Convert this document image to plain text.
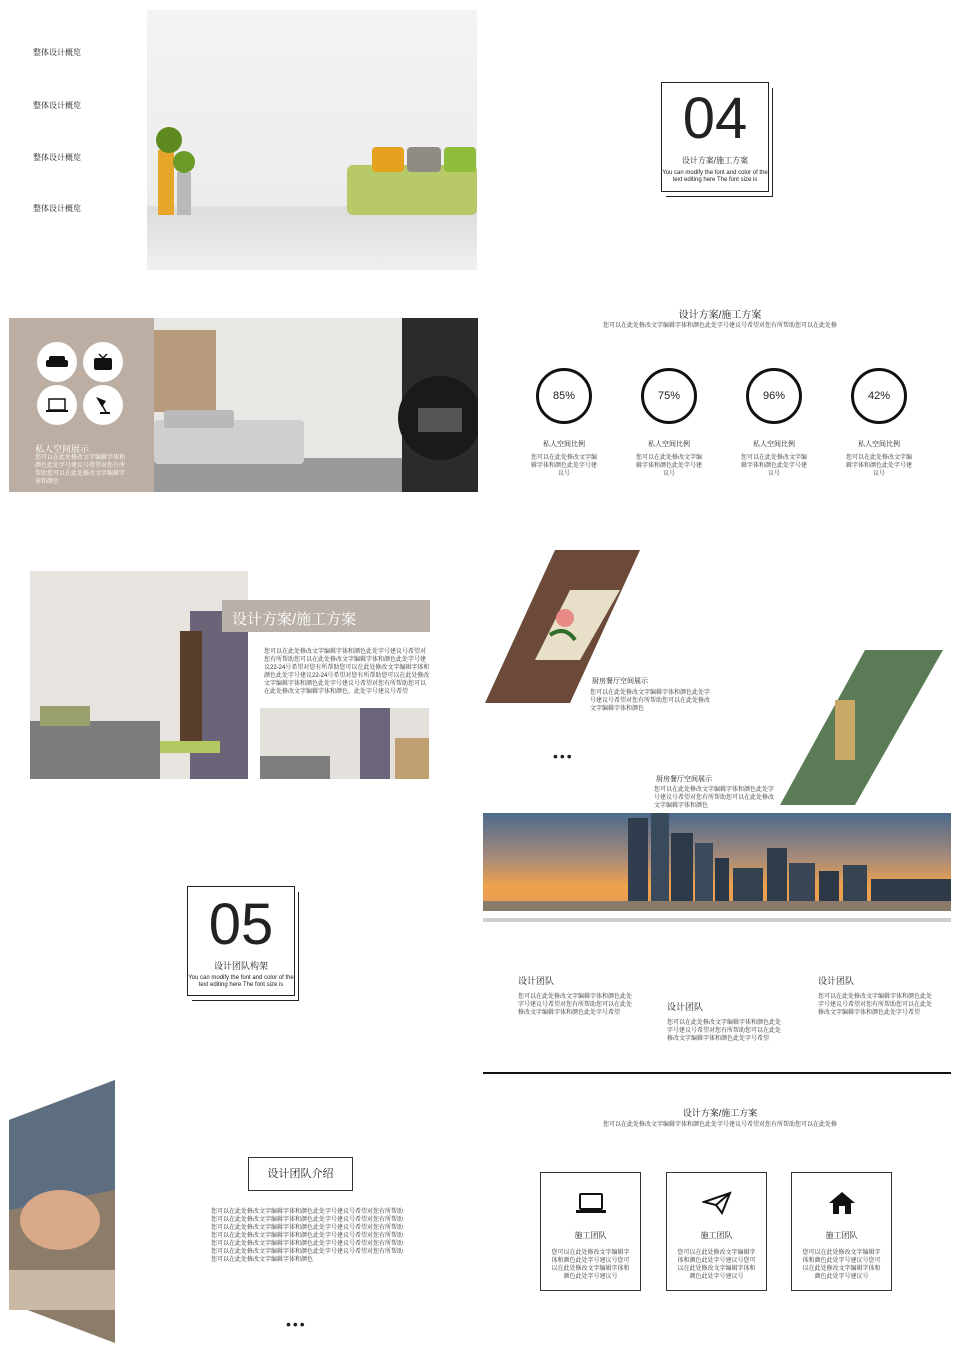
整体设计概览
整体设计概览
整体设计概览
整体设计概览
04
设计方案/施工方案
You can modify the font and color of the text editing here The font size is
私人空间展示
您可以在此处修改文字编辑字体和颜色此处字号建议号希望对您有所帮助您可以在此处修改文字编辑字体和颜色
设计方案/施工方案
您可以在此处修改文字编辑字体和颜色此处字号建议号希望对您有所帮助您可以在此处修
85%
私人空间比例
您可以在此处修改文字编辑字体和颜色此处字号建议号
75%
私人空间比例
您可以在此处修改文字编辑字体和颜色此处字号建议号
96%
私人空间比例
您可以在此处修改文字编辑字体和颜色此处字号建议号
42%
私人空间比例
您可以在此处修改文字编辑字体和颜色此处字号建议号
设计方案/施工方案
您可以在此处修改文字编辑字体和颜色此处字号建议号希望对您有所帮助您可以在此处修改文字编辑字体和颜色此处字号建议22-24号希望对您有所帮助您可以在此处修改文字编辑字体和颜色此处字号建议22-24号希望对您有所帮助您可以在此处修改文字编辑字体和颜色此处字号建议号希望对您有所帮助您可以在此处修改文字编辑字体和颜色，此处字号建议号希望
厨房餐厅空间展示
您可以在此处修改文字编辑字体和颜色此处字号建议号希望对您有所帮助您可以在此处修改文字编辑字体和颜色
•••
厨房餐厅空间展示
您可以在此处修改文字编辑字体和颜色此处字号建议号希望对您有所帮助您可以在此处修改文字编辑字体和颜色
05
设计团队构架
You can modify the font and color of the text editing here The font size is	设计团队
您可以在此处修改文字编辑字体和颜色此处字号建议号希望对您有所帮助您可以在此处修改文字编辑字体和颜色此处字号希望
设计团队
您可以在此处修改文字编辑字体和颜色此处字号建议号希望对您有所帮助您可以在此处修改文字编辑字体和颜色此处字号希望
设计团队
您可以在此处修改文字编辑字体和颜色此处字号建议号希望对您有所帮助您可以在此处修改文字编辑字体和颜色此处字号希望
设计团队介绍
您可以在此处修改文字编辑字体和颜色此处字号建议号希望对您有所帮助您可以在此处修改文字编辑字体和颜色此处字号建议号希望对您有所帮助您可以在此处修改文字编辑字体和颜色此处字号建议号希望对您有所帮助您可以在此处修改文字编辑字体和颜色此处字号建议号希望对您有所帮助您可以在此处修改文字编辑字体和颜色此处字号建议号希望对您有所帮助您可以在此处修改文字编辑字体和颜色此处字号建议号希望对您有所帮助您可以在此处修改文字编辑字体和颜色
•••
设计方案/施工方案
您可以在此处修改文字编辑字体和颜色此处字号建议号希望对您有所帮助您可以在此处修
施工团队
您可以在此处修改文字编辑字体和颜色此处字号建议号您可以在此处修改文字编辑字体和颜色此处字号建议号
施工团队
您可以在此处修改文字编辑字体和颜色此处字号建议号您可以在此处修改文字编辑字体和颜色此处字号建议号
施工团队
您可以在此处修改文字编辑字体和颜色此处字号建议号您可以在此处修改文字编辑字体和颜色此处字号建议号
